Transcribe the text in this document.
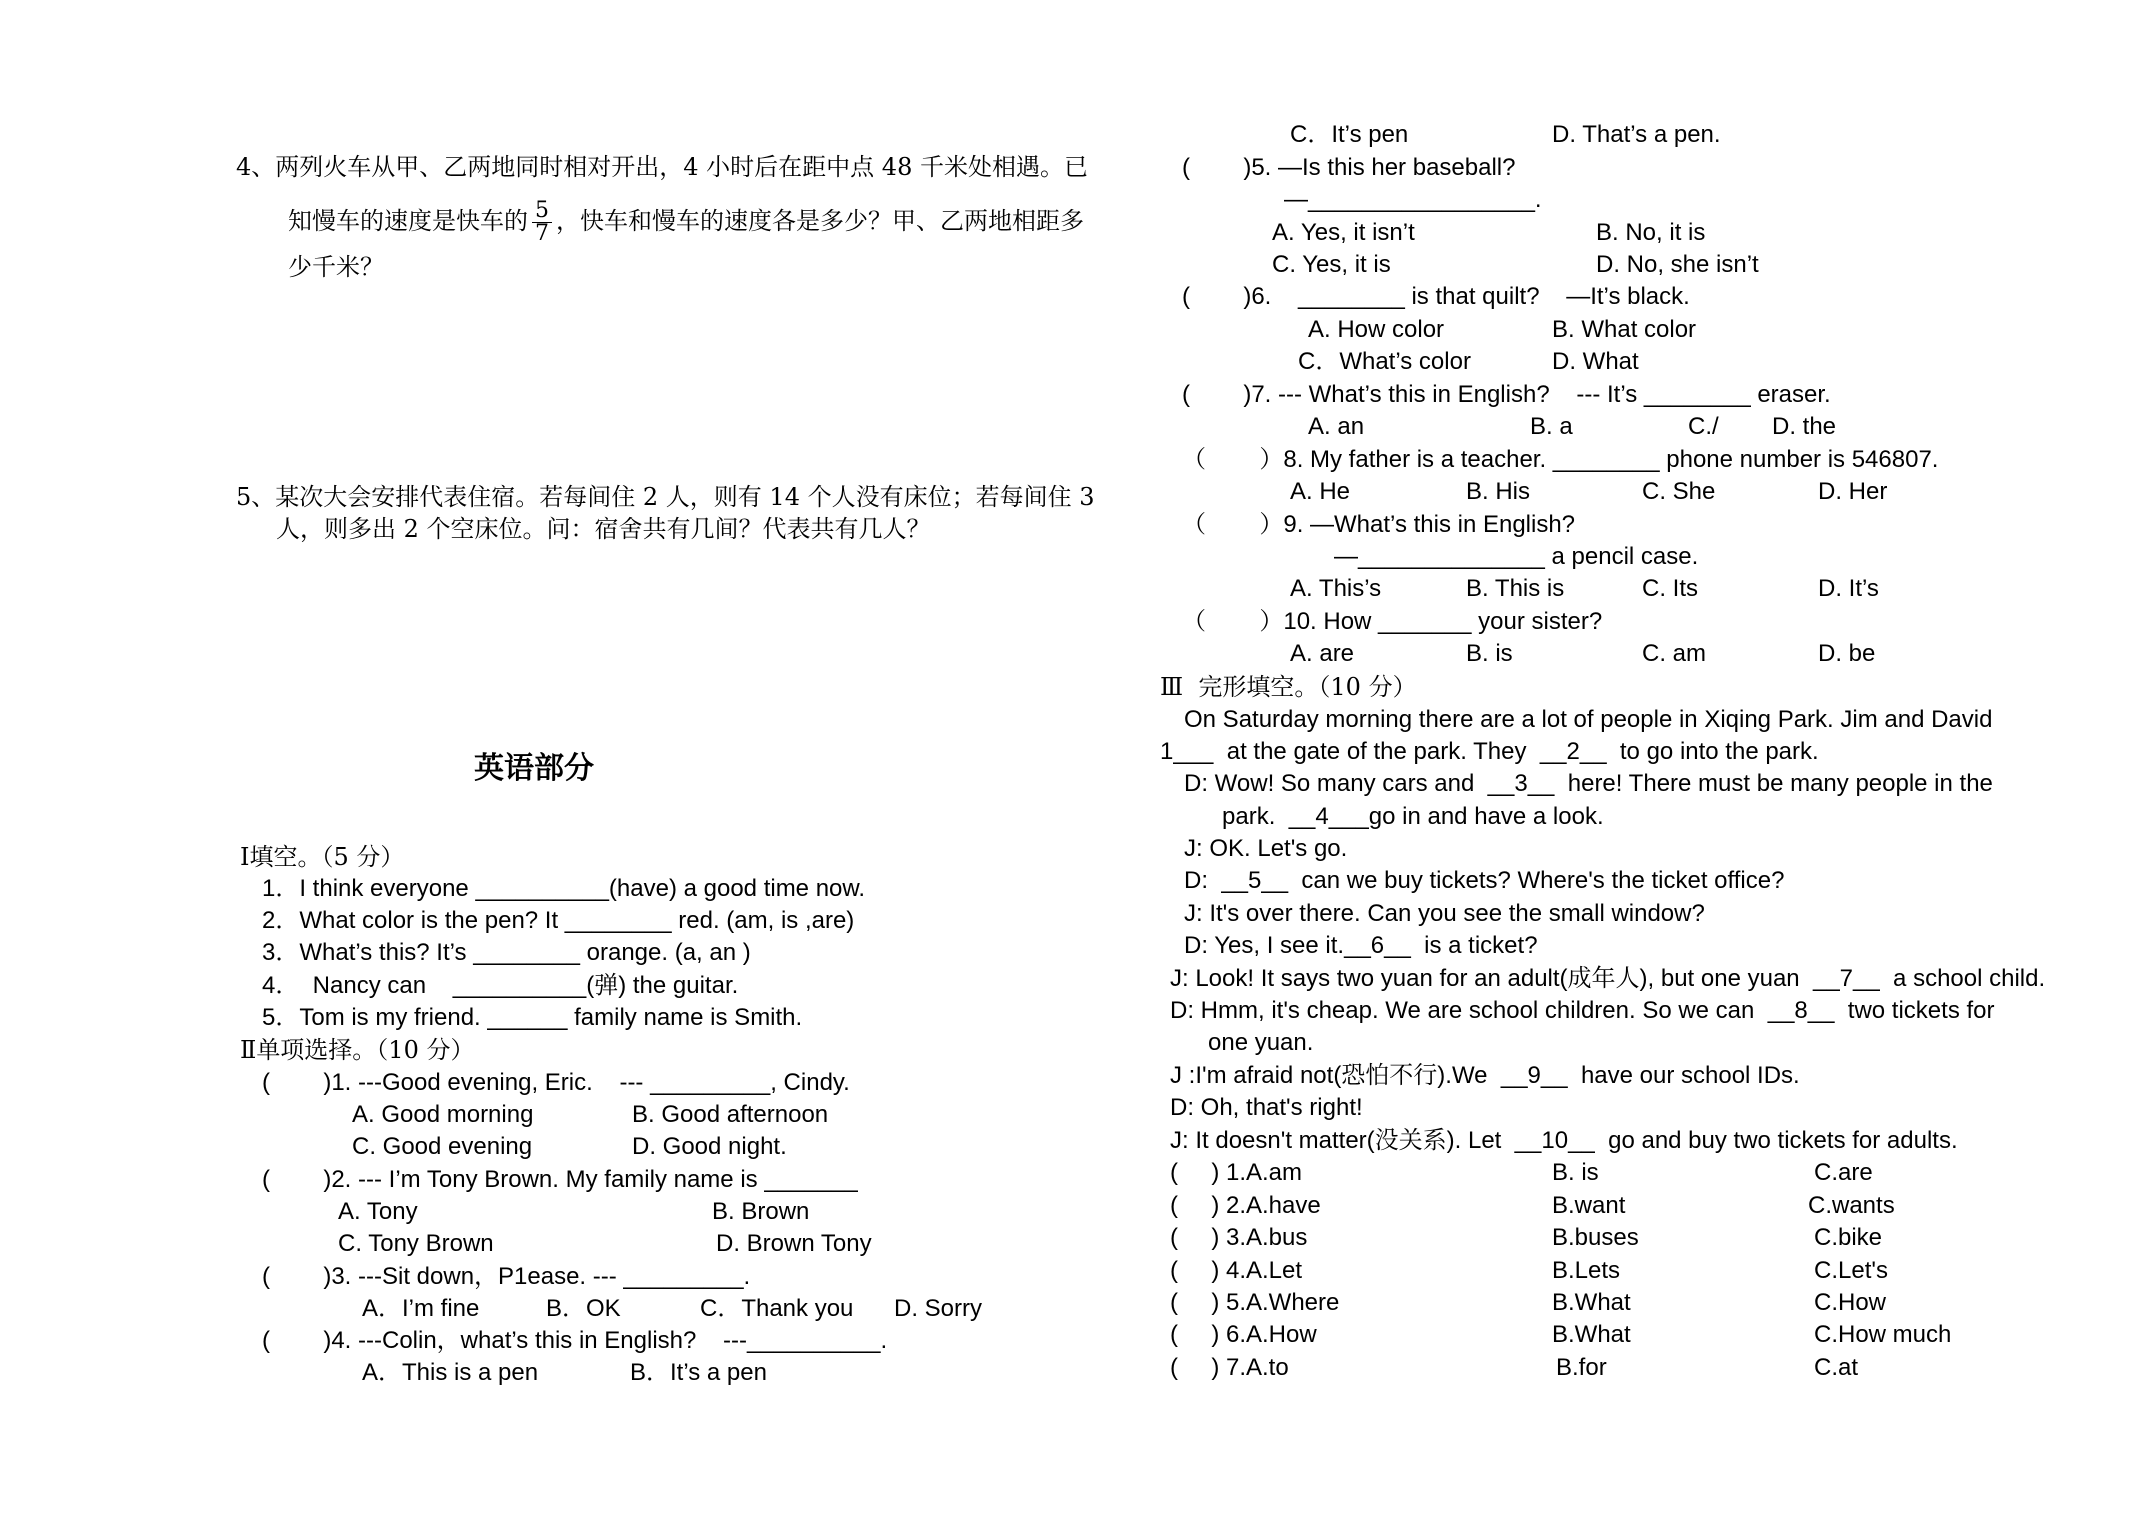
4、两列火车从甲、乙两地同时相对开出，4 小时后在距中点 48 千米处相遇。已
知慢车的速度是快车的 $\frac{5}{7}$ ，快车和慢车的速度各是多少？甲、乙两地相距多
少千米？
5、某次大会安排代表住宿。若每间住 2 人，则有 14 个人没有床位；若每间住 3
人，则多出 2 个空床位。问：宿舍共有几间？代表共有几人？
英语部分
Ⅰ填空。（5 分）
1．I think everyone __________(have) a good time now.
2．What color is the pen? It ________ red. (am, is ,are)
3．What’s this? It’s ________ orange. (a, an )
4．  Nancy can    __________(弹) the guitar.
5．Tom is my friend. ______ family name is Smith.
Ⅱ单项选择。（10 分）
(        )1. ---Good evening, Eric.    --- _________, Cindy.
A. Good morning	B. Good afternoon
C. Good evening	D. Good night.
(        )2. --- I’m Tony Brown. My family name is _______
A. Tony	B. Brown
C. Tony Brown	D. Brown Tony
(        )3. ---Sit down，P1ease. --- _________.
A．I’m fine	B．OK	C．Thank you D. Sorry
(        )4. ---Colin，what’s this in English?    ---__________.
A．This is a pen	B．It’s a pen
C．It’s pen	D. That’s a pen.
(        )5. —Is this her baseball?
—_________________.
A. Yes, it isn’t	B. No, it is
C. Yes, it is	D. No, she isn’t
(        )6.    ________ is that quilt?    —It’s black.
A. How color	B. What color
C．What’s color	D. What
(        )7. --- What’s this in English?    --- It’s ________ eraser.
A. an	B. a	C./ D. the
（        ）8. My father is a teacher. ________ phone number is 546807.
A. He	B. His	C. She	D. Her
（        ）9. —What’s this in English?
—______________ a pencil case.
A. This’s	B. This is	C. Its	D. It’s
（        ）10. How _______ your sister?
A. are	B. is	C. am	D. be
Ⅲ  完形填空。（10 分）
On Saturday morning there are a lot of people in Xiqing Park. Jim and David
1___  at the gate of the park. They  __2__  to go into the park.
D: Wow! So many cars and  __3__  here! There must be many people in the
park.  __4___go in and have a look.
J: OK. Let's go.
D:  __5__  can we buy tickets? Where's the ticket office?
J: It's over there. Can you see the small window?
D: Yes, I see it.__6__  is a ticket?
J: Look! It says two yuan for an adult(成年人), but one yuan  __7__  a school child.
D: Hmm, it's cheap. We are school children. So we can  __8__  two tickets for
one yuan.
J :I'm afraid not(恐怕不行).We  __9__  have our school IDs.
D: Oh, that's right!
J: It doesn't matter(没关系). Let  __10__  go and buy two tickets for adults.
(     ) 1.A.am	B. is	C.are
(     ) 2.A.have	B.want	C.wants
(     ) 3.A.bus	B.buses	C.bike
(     ) 4.A.Let	B.Lets	C.Let's
(     ) 5.A.Where	B.What	C.How
(     ) 6.A.How	B.What	C.How much
(     ) 7.A.to	B.for	C.at
